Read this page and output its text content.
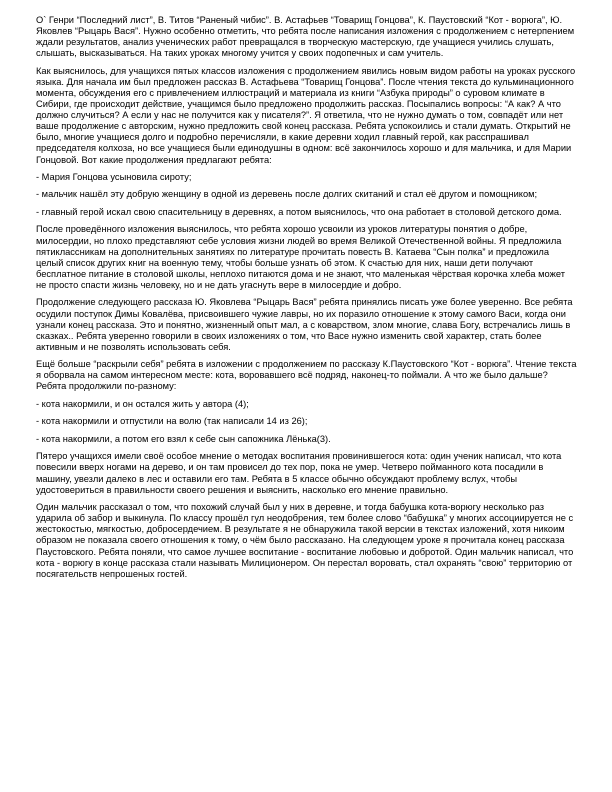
О` Генри “Последний лист”, В. Титов “Раненый чибис”. В. Астафьев “Товарищ Гонцова”, К. Паустовский “Кот - ворюга”, Ю. Яковлев “Рыцарь Вася”. Нужно особенно отметить, что ребята после написания изложения с продолжением с нетерпением ждали результатов, анализ ученических работ превращался в творческую мастерскую, где учащиеся учились слушать, слышать, высказываться. На таких уроках многому учится у своих подопечных и сам учитель.

Как выяснилось, для учащихся пятых классов изложения с продолжением явились новым видом работы на уроках русского языка. Для начала им был предложен рассказ В. Астафьева “Товарищ Гонцова”. После чтения текста до кульминационного момента, обсуждения его с привлечением иллюстраций и материала из книги “Азбука природы” о суровом климате в Сибири, где происходит действие, учащимся было предложено продолжить рассказ. Посыпались вопросы: “А как? А что должно случиться? А если у нас не получится как у писателя?”. Я ответила, что не нужно думать о том, совпадёт или нет ваше продолжение с авторским, нужно предложить свой конец рассказа. Ребята успокоились и стали думать. Открытий не было, многие учащиеся долго и подробно перечисляли, в какие деревни ходил главный герой, как расспрашивал председателя колхоза, но все учащиеся были единодушны в одном: всё закончилось хорошо и для мальчика, и для Марии Гонцовой. Вот какие продолжения предлагают ребята:

- Мария Гонцова усыновила сироту;

- мальчик нашёл эту добрую женщину в одной из деревень после долгих скитаний и стал её другом и помощником;

- главный герой искал свою спасительницу в деревнях, а потом выяснилось, что она работает в столовой детского дома.

После проведённого изложения выяснилось, что ребята хорошо усвоили из уроков литературы понятия о добре, милосердии, но плохо представляют себе условия жизни людей во время Великой Отечественной войны. Я предложила пятиклассникам на дополнительных занятиях по литературе прочитать повесть В. Катаева “Сын полка” и предложила целый список других книг на военную тему, чтобы больше узнать об этом. К счастью для них, наши дети получают бесплатное питание в столовой школы, неплохо питаются дома и не знают, что маленькая чёрствая корочка хлеба может не просто спасти жизнь человеку, но и не дать угаснуть вере в милосердие и добро.

Продолжение следующего рассказа Ю. Яковлева “Рыцарь Вася” ребята принялись писать уже более уверенно. Все ребята осудили поступок Димы Ковалёва, присвоившего чужие лавры, но их поразило отношение к этому самого Васи, когда они узнали конец рассказа. Это и понятно, жизненный опыт мал, а с коварством, злом многие, слава Богу, встречались лишь в сказках.. Ребята уверенно говорили в своих изложениях о том, что Васе нужно изменить свой характер, стать более активным и не позволять использовать себя.

Ещё больше “раскрыли себя” ребята в изложении с продолжением по рассказу К.Паустовского “Кот - ворюга”. Чтение текста я оборвала на самом интересном месте: кота, воровавшего всё подряд, наконец-то поймали. А что же было дальше? Ребята продолжили по-разному:

- кота накормили, и он остался жить у автора (4);

- кота накормили и отпустили на волю (так написали 14 из 26);

- кота накормили, а потом его взял к себе сын сапожника Лёнька(3).

Пятеро учащихся имели своё особое мнение о методах воспитания провинившегося кота: один ученик написал, что кота повесили вверх ногами на дерево, и он там провисел до тех пор, пока не умер. Четверо пойманного кота посадили в машину, увезли далеко в лес и оставили его там. Ребята в 5 классе обычно обсуждают проблему вслух, чтобы удостовериться в правильности своего решения и выяснить, насколько его мнение правильно.

Один мальчик рассказал о том, что похожий случай был у них в деревне, и тогда бабушка кота-ворюгу несколько раз ударила об забор и выкинула. По классу прошёл гул неодобрения, тем более слово “бабушка” у многих ассоциируется не с жестокостью, мягкостью, добросердечием. В результате я не обнаружила такой версии в текстах изложений, хотя никоим образом не показала своего отношения к тому, о чём было рассказано. На следующем уроке я прочитала конец рассказа Паустовского. Ребята поняли, что самое лучшее воспитание - воспитание любовью и добротой. Один мальчик написал, что кота - ворюгу в конце рассказа стали называть Милиционером. Он перестал воровать, стал охранять “свою” территорию от посягательств непрошеных гостей.
